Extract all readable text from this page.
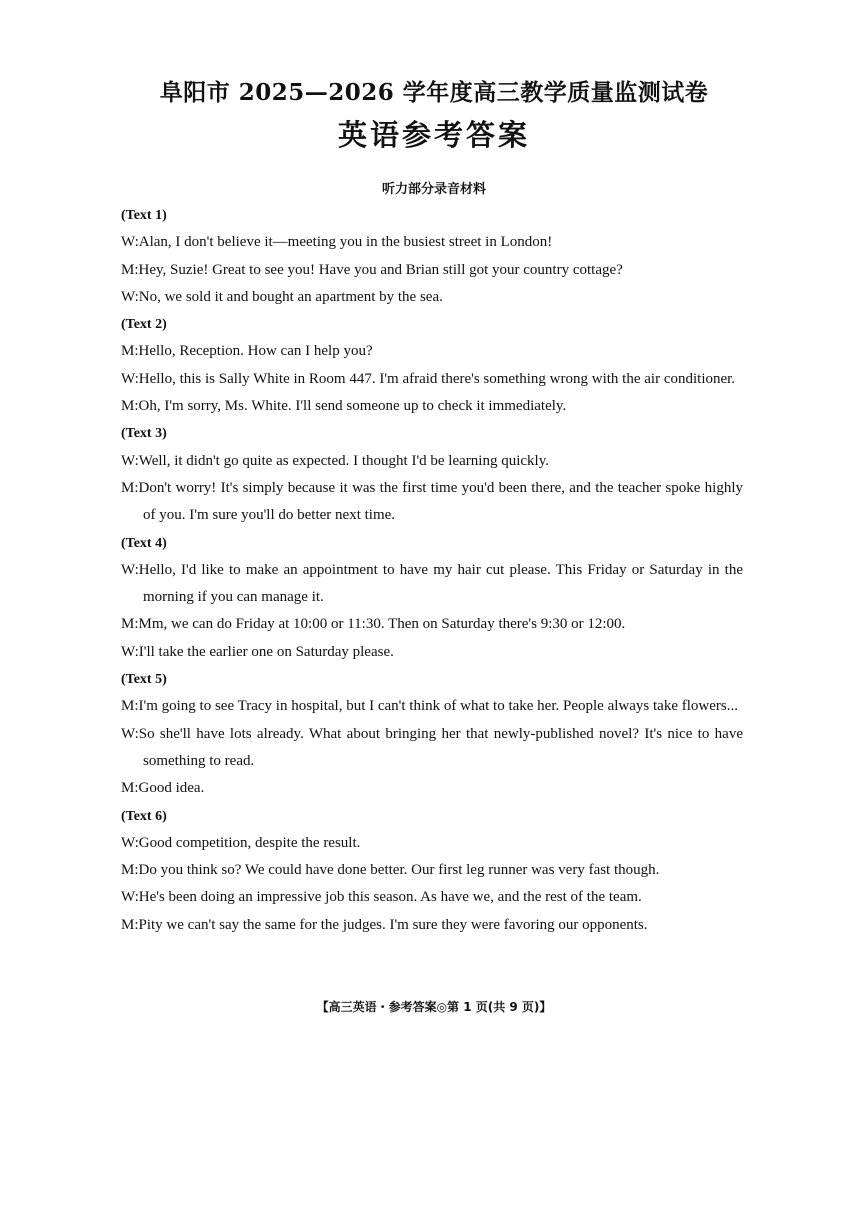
阜阳市 2025—2026 学年度高三教学质量监测试卷
英语参考答案
听力部分录音材料
(Text 1)
W:Alan, I don't believe it—meeting you in the busiest street in London!
M:Hey, Suzie! Great to see you! Have you and Brian still got your country cottage?
W:No, we sold it and bought an apartment by the sea.
(Text 2)
M:Hello, Reception. How can I help you?
W:Hello, this is Sally White in Room 447. I'm afraid there's something wrong with the air conditioner.
M:Oh, I'm sorry, Ms. White. I'll send someone up to check it immediately.
(Text 3)
W:Well, it didn't go quite as expected. I thought I'd be learning quickly.
M:Don't worry! It's simply because it was the first time you'd been there, and the teacher spoke highly of you. I'm sure you'll do better next time.
(Text 4)
W:Hello, I'd like to make an appointment to have my hair cut please. This Friday or Saturday in the morning if you can manage it.
M:Mm, we can do Friday at 10:00 or 11:30. Then on Saturday there's 9:30 or 12:00.
W:I'll take the earlier one on Saturday please.
(Text 5)
M:I'm going to see Tracy in hospital, but I can't think of what to take her. People always take flowers...
W:So she'll have lots already. What about bringing her that newly-published novel? It's nice to have something to read.
M:Good idea.
(Text 6)
W:Good competition, despite the result.
M:Do you think so? We could have done better. Our first leg runner was very fast though.
W:He's been doing an impressive job this season. As have we, and the rest of the team.
M:Pity we can't say the same for the judges. I'm sure they were favoring our opponents.
【高三英语・参考答案◎第 1 页(共 9 页)】
